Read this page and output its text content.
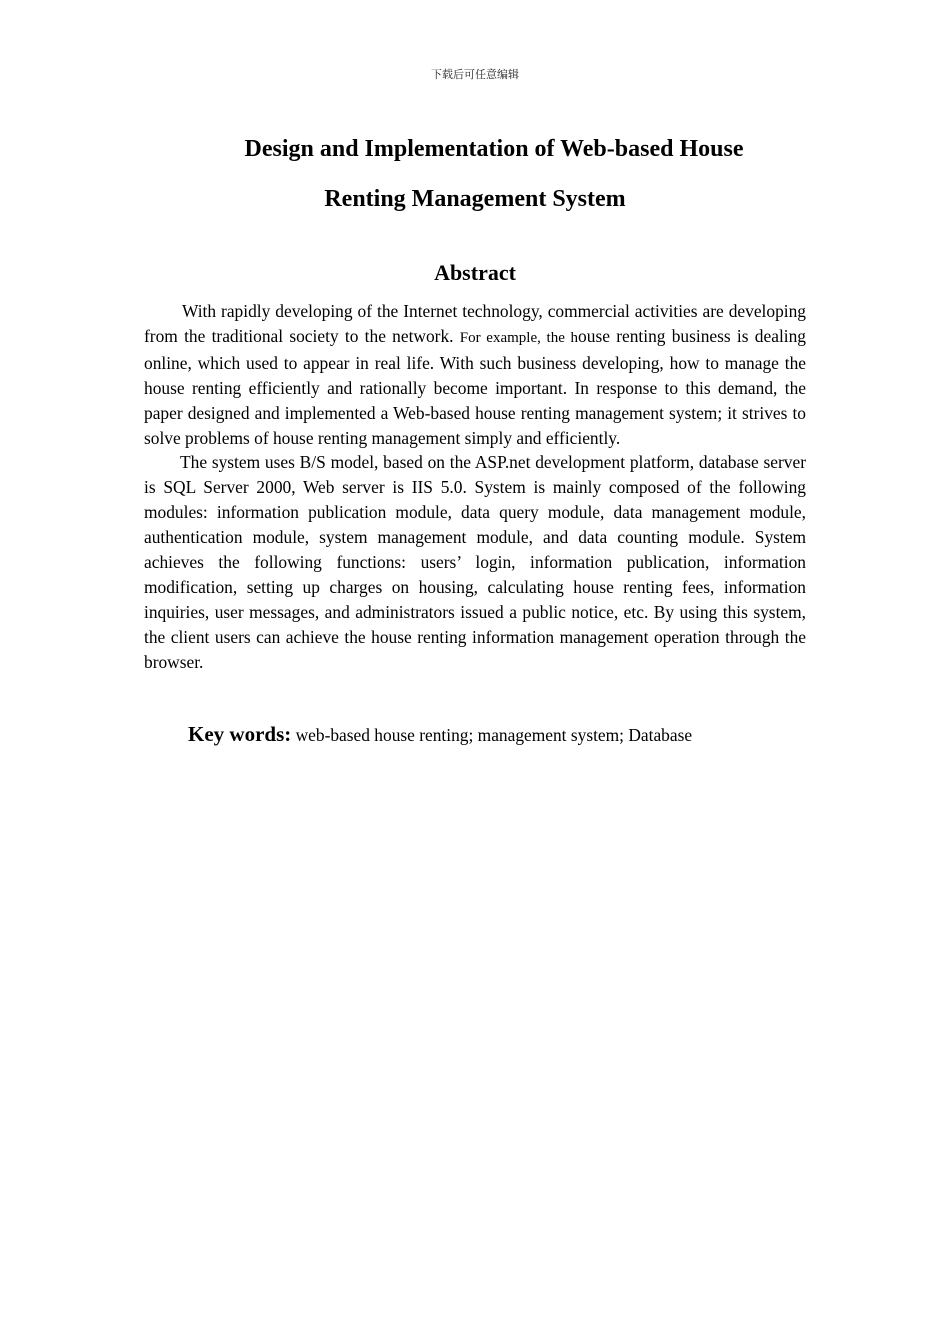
下载后可任意编辑
Design and Implementation of Web-based House
Renting Management System
Abstract

With rapidly developing of the Internet technology, commercial activities are developing from the traditional society to the network. For example, the house renting business is dealing online, which used to appear in real life. With such business developing, how to manage the house renting efficiently and rationally become important. In response to this demand, the paper designed and implemented a Web-based house renting management system; it strives to solve problems of house renting management simply and efficiently.

The system uses B/S model, based on the ASP.net development platform, database server is SQL Server 2000, Web server is IIS 5.0. System is mainly composed of the following modules: information publication module, data query module, data management module, authentication module, system management module, and data counting module. System achieves the following functions: users’ login, information publication, information modification, setting up charges on housing, calculating house renting fees, information inquiries, user messages, and administrators issued a public notice, etc. By using this system, the client users can achieve the house renting information management operation through the browser.

Key words: web-based house renting; management system; Database
